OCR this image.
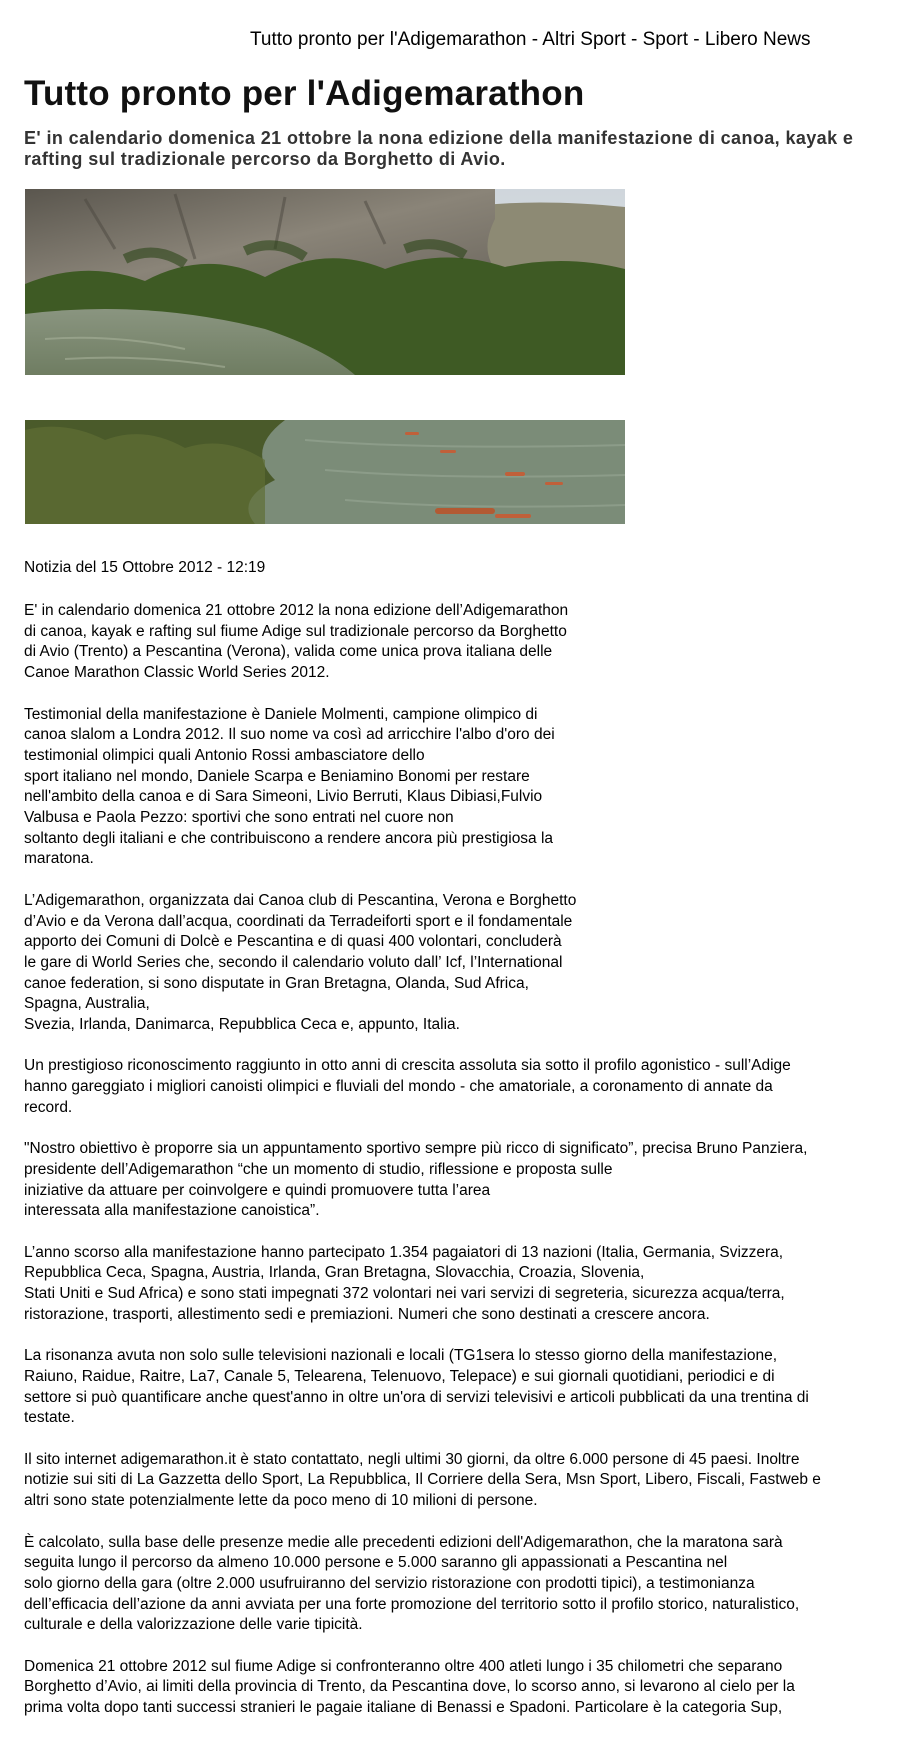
Tutto pronto per l'Adigemarathon - Altri Sport - Sport - Libero News
Tutto pronto per l'Adigemarathon
E' in calendario domenica 21 ottobre la nona edizione della manifestazione di canoa, kayak e rafting sul tradizionale percorso da Borghetto di Avio.
Notizia del 15 Ottobre 2012 - 12:19

E' in calendario domenica 21 ottobre 2012 la nona edizione dell’Adigemarathon
di canoa, kayak e rafting sul fiume Adige sul tradizionale percorso da Borghetto
di Avio (Trento) a Pescantina (Verona), valida come unica prova italiana delle
Canoe Marathon Classic World Series 2012.

Testimonial della manifestazione è Daniele Molmenti, campione olimpico di
canoa slalom a Londra 2012. Il suo nome va così ad arricchire l'albo d'oro dei
testimonial olimpici quali Antonio Rossi ambasciatore dello
sport italiano nel mondo, Daniele Scarpa e Beniamino Bonomi per restare
nell'ambito della canoa e di Sara Simeoni, Livio Berruti, Klaus Dibiasi,Fulvio
Valbusa e Paola Pezzo: sportivi che sono entrati nel cuore non
soltanto degli italiani e che contribuiscono a rendere ancora più prestigiosa la
maratona.

L’Adigemarathon, organizzata dai Canoa club di Pescantina, Verona e Borghetto
d’Avio e da Verona dall’acqua, coordinati da Terradeiforti sport e il fondamentale
apporto dei Comuni di Dolcè e Pescantina e di quasi 400 volontari, concluderà
le gare di World Series che, secondo il calendario voluto dall’ Icf, l’International
canoe federation, si sono disputate in Gran Bretagna, Olanda, Sud Africa,
Spagna, Australia,
Svezia, Irlanda, Danimarca, Repubblica Ceca e, appunto, Italia.

Un prestigioso riconoscimento raggiunto in otto anni di crescita assoluta sia sotto il profilo agonistico - sull’Adige
hanno gareggiato i migliori canoisti olimpici e fluviali del mondo - che amatoriale, a coronamento di annate da
record.

"Nostro obiettivo è proporre sia un appuntamento sportivo sempre più ricco di significato”, precisa Bruno Panziera,
presidente dell’Adigemarathon “che un momento di studio, riflessione e proposta sulle
iniziative da attuare per coinvolgere e quindi promuovere tutta l’area
interessata alla manifestazione canoistica”.

L’anno scorso alla manifestazione hanno partecipato 1.354 pagaiatori di 13 nazioni (Italia, Germania, Svizzera,
Repubblica Ceca, Spagna, Austria, Irlanda, Gran Bretagna, Slovacchia, Croazia, Slovenia,
Stati Uniti e Sud Africa) e sono stati impegnati 372 volontari nei vari servizi di segreteria, sicurezza acqua/terra,
ristorazione, trasporti, allestimento sedi e premiazioni. Numeri che sono destinati a crescere ancora.

La risonanza avuta non solo sulle televisioni nazionali e locali (TG1sera lo stesso giorno della manifestazione,
Raiuno, Raidue, Raitre, La7, Canale 5, Telearena, Telenuovo, Telepace) e sui giornali quotidiani, periodici e di
settore si può quantificare anche quest'anno in oltre un'ora di servizi televisivi e articoli pubblicati da una trentina di
testate.

Il sito internet adigemarathon.it è stato contattato, negli ultimi 30 giorni, da oltre 6.000 persone di 45 paesi. Inoltre
notizie sui siti di La Gazzetta dello Sport, La Repubblica, Il Corriere della Sera, Msn Sport, Libero, Fiscali, Fastweb e
altri sono state potenzialmente lette da poco meno di 10 milioni di persone.

È calcolato, sulla base delle presenze medie alle precedenti edizioni dell'Adigemarathon, che la maratona sarà
seguita lungo il percorso da almeno 10.000 persone e 5.000 saranno gli appassionati a Pescantina nel
solo giorno della gara (oltre 2.000 usufruiranno del servizio ristorazione con prodotti tipici), a testimonianza
dell’efficacia dell’azione da anni avviata per una forte promozione del territorio sotto il profilo storico, naturalistico,
culturale e della valorizzazione delle varie tipicità.

Domenica 21 ottobre 2012 sul fiume Adige si confronteranno oltre 400 atleti lungo i 35 chilometri che separano
Borghetto d’Avio, ai limiti della provincia di Trento, da Pescantina dove, lo scorso anno, si levarono al cielo per la
prima volta dopo tanti successi stranieri le pagaie italiane di Benassi e Spadoni. Particolare è la categoria Sup,
